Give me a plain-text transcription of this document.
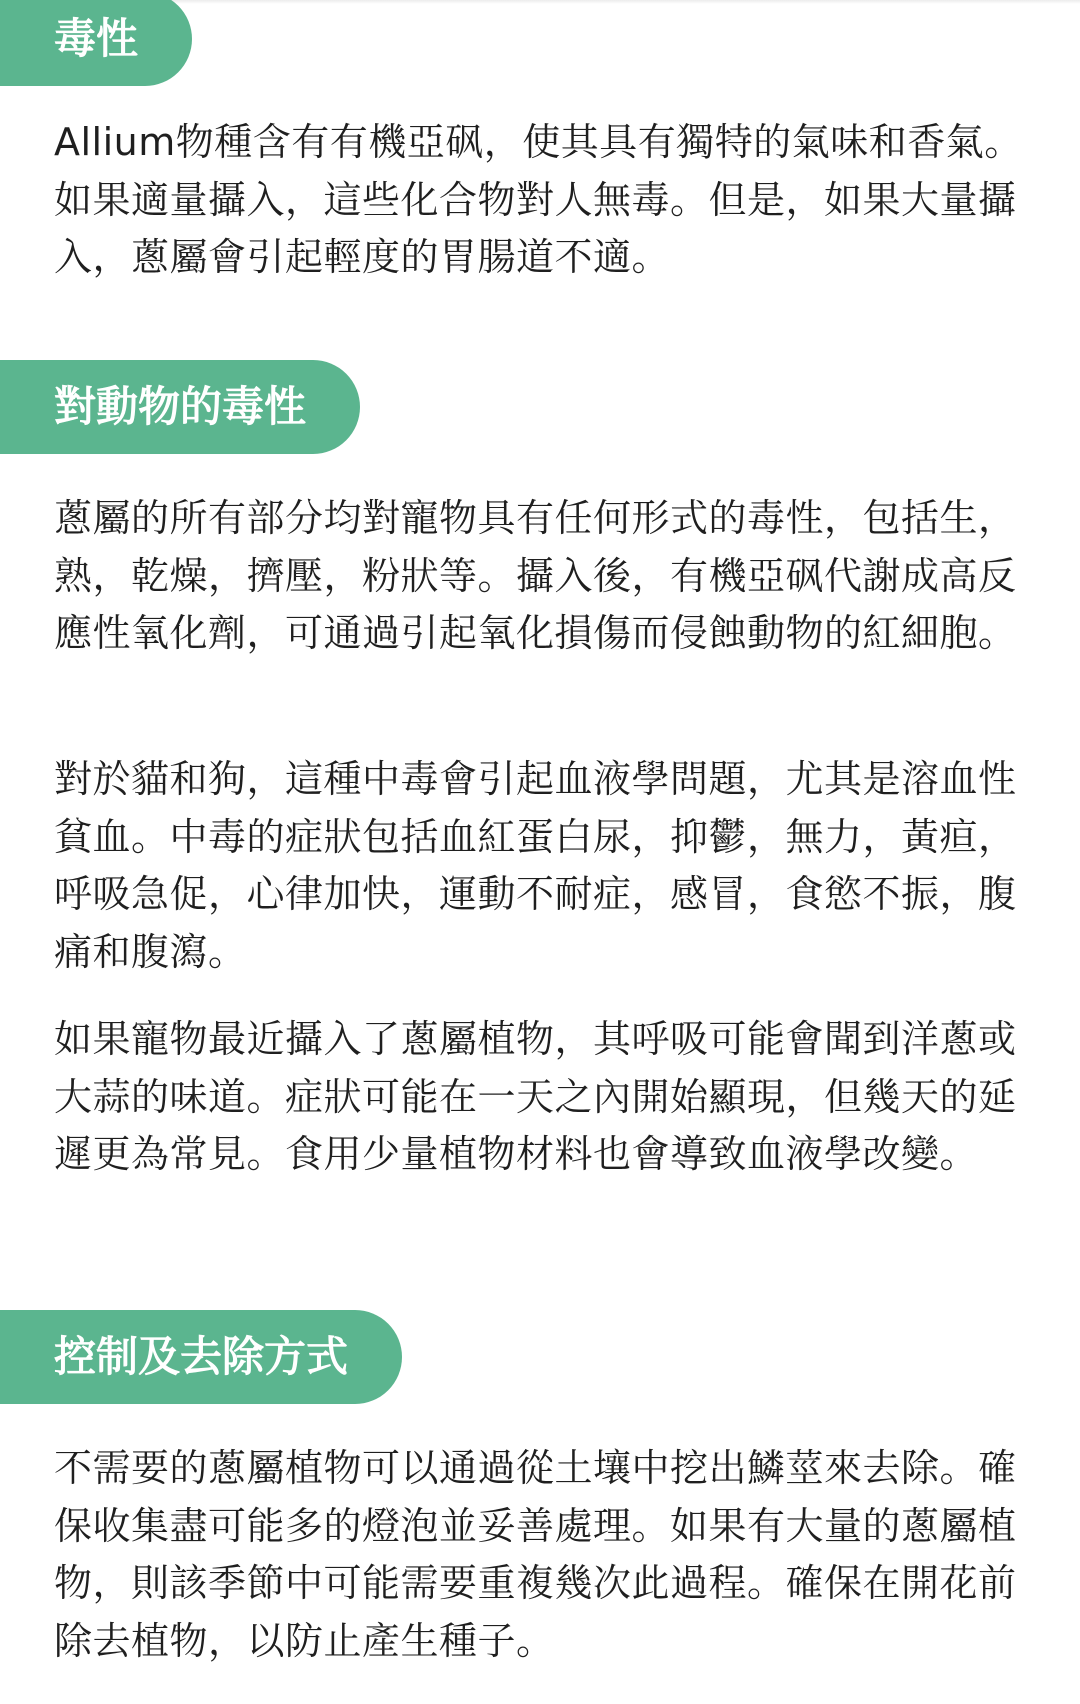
毒性

Allium物種含有有機亞砜，使其具有獨特的氣味和香氣。如果適量攝入，這些化合物對人無毒。但是，如果大量攝入，蔥屬會引起輕度的胃腸道不適。

對動物的毒性

蔥屬的所有部分均對寵物具有任何形式的毒性，包括生，熟，乾燥，擠壓，粉狀等。攝入後，有機亞砜代謝成高反應性氧化劑，可通過引起氧化損傷而侵蝕動物的紅細胞。

對於貓和狗，這種中毒會引起血液學問題，尤其是溶血性貧血。中毒的症狀包括血紅蛋白尿，抑鬱，無力，黃疸，呼吸急促，心律加快，運動不耐症，感冒，食慾不振，腹痛和腹瀉。

如果寵物最近攝入了蔥屬植物，其呼吸可能會聞到洋蔥或大蒜的味道。症狀可能在一天之內開始顯現，但幾天的延遲更為常見。食用少量植物材料也會導致血液學改變。

控制及去除方式

不需要的蔥屬植物可以通過從土壤中挖出鱗莖來去除。確保收集盡可能多的燈泡並妥善處理。如果有大量的蔥屬植物，則該季節中可能需要重複幾次此過程。確保在開花前除去植物，以防止產生種子。
